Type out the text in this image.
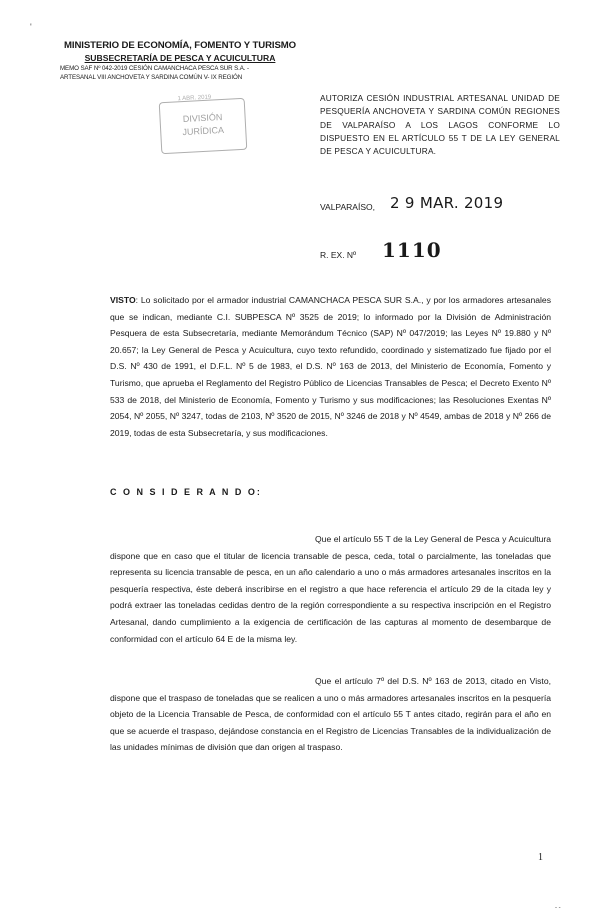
'
MINISTERIO DE ECONOMÍA, FOMENTO Y TURISMO
SUBSECRETARÍA DE PESCA Y ACUICULTURA
MEMO SAF Nº 042-2019 CESIÓN CAMANCHACA PESCA SUR S.A. -
ARTESANAL VIII ANCHOVETA Y SARDINA COMÚN V- IX REGIÓN
1 ABR. 2019
DIVISIÓN
JURÍDICA
AUTORIZA CESIÓN INDUSTRIAL ARTESANAL UNIDAD DE PESQUERÍA ANCHOVETA Y SARDINA COMÚN REGIONES DE VALPARAÍSO A LOS LAGOS CONFORME LO DISPUESTO EN EL ARTÍCULO 55 T DE LA LEY GENERAL DE PESCA Y ACUICULTURA.
VALPARAÍSO, 2 9 MAR. 2019
R. EX. Nº 1110
VISTO: Lo solicitado por el armador industrial CAMANCHACA PESCA SUR S.A., y por los armadores artesanales que se indican, mediante C.I. SUBPESCA Nº 3525 de 2019; lo informado por la División de Administración Pesquera de esta Subsecretaría, mediante Memorándum Técnico (SAP) Nº 047/2019; las Leyes Nº 19.880 y Nº 20.657; la Ley General de Pesca y Acuicultura, cuyo texto refundido, coordinado y sistematizado fue fijado por el D.S. Nº 430 de 1991, el D.F.L. Nº 5 de 1983, el D.S. Nº 163 de 2013, del Ministerio de Economía, Fomento y Turismo, que aprueba el Reglamento del Registro Público de Licencias Transables de Pesca; el Decreto Exento Nº 533 de 2018, del Ministerio de Economía, Fomento y Turismo y sus modificaciones; las Resoluciones Exentas Nº 2054, Nº 2055, Nº 3247, todas de 2103, Nº 3520 de 2015, Nº 3246 de 2018 y Nº 4549, ambas de 2018 y Nº 266 de 2019, todas de esta Subsecretaría, y sus modificaciones.
C O N S I D E R A N D O:
Que el artículo 55 T de la Ley General de Pesca y Acuicultura dispone que en caso que el titular de licencia transable de pesca, ceda, total o parcialmente, las toneladas que representa su licencia transable de pesca, en un año calendario a uno o más armadores artesanales inscritos en la pesquería respectiva, éste deberá inscribirse en el registro a que hace referencia el artículo 29 de la citada ley y podrá extraer las toneladas cedidas dentro de la región correspondiente a su respectiva inscripción en el Registro Artesanal, dando cumplimiento a la exigencia de certificación de las capturas al momento de desembarque de conformidad con el artículo 64 E de la misma ley.
Que el artículo 7º del D.S. Nº 163 de 2013, citado en Visto, dispone que el traspaso de toneladas que se realicen a uno o más armadores artesanales inscritos en la pesquería objeto de la Licencia Transable de Pesca, de conformidad con el artículo 55 T antes citado, regirán para el año en que se acuerde el traspaso, dejándose constancia en el Registro de Licencias Transables de la individualización de las unidades mínimas de división que dan origen al traspaso.
1
- -
